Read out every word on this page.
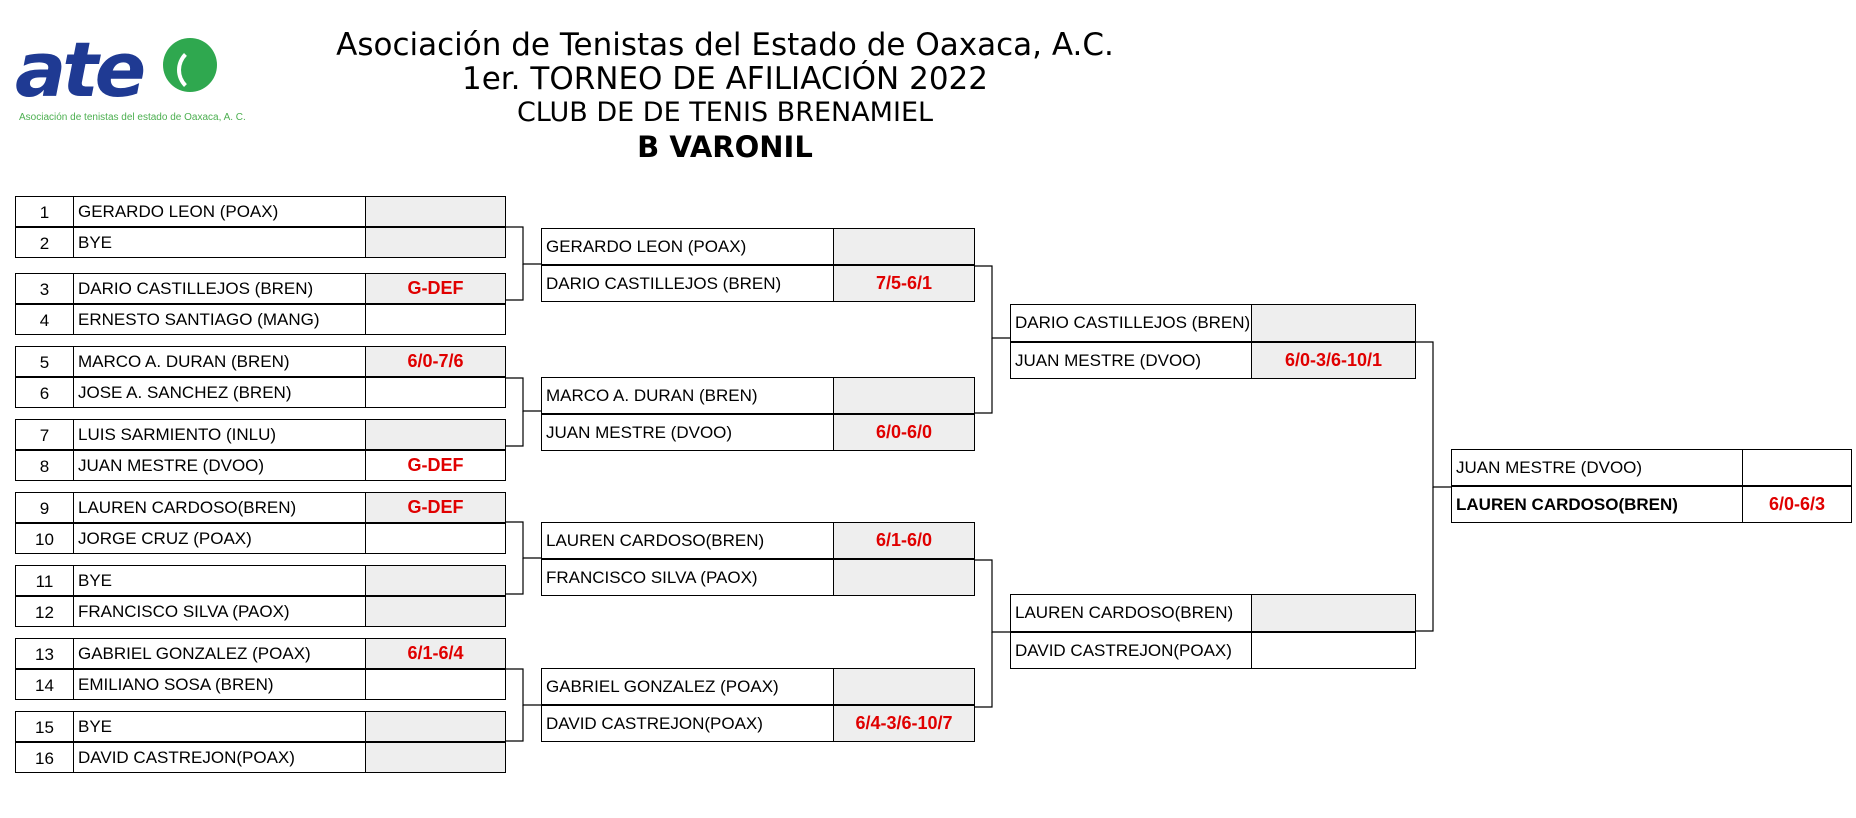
ate
Asociación de tenistas del estado de Oaxaca, A. C.
Asociación de Tenistas del Estado de Oaxaca, A.C.
1er. TORNEO DE AFILIACIÓN 2022
CLUB DE DE TENIS BRENAMIEL
B VARONIL
1	GERARDO LEON (POAX)
2	BYE
3	DARIO CASTILLEJOS (BREN)	G-DEF
4	ERNESTO SANTIAGO (MANG)
5	MARCO A. DURAN (BREN)	6/0-7/6
6	JOSE A. SANCHEZ (BREN)
7	LUIS SARMIENTO (INLU)
8	JUAN MESTRE (DVOO)	G-DEF
9	LAUREN CARDOSO(BREN)	G-DEF
10	JORGE CRUZ (POAX)
11	BYE
12	FRANCISCO SILVA (PAOX)
13	GABRIEL GONZALEZ (POAX)	6/1-6/4
14	EMILIANO SOSA (BREN)
15	BYE
16	DAVID CASTREJON(POAX)
GERARDO LEON (POAX)
DARIO CASTILLEJOS (BREN)	7/5-6/1
MARCO A. DURAN (BREN)
JUAN MESTRE (DVOO)	6/0-6/0
LAUREN CARDOSO(BREN)	6/1-6/0
FRANCISCO SILVA (PAOX)
GABRIEL GONZALEZ (POAX)
DAVID CASTREJON(POAX)	6/4-3/6-10/7
DARIO CASTILLEJOS (BREN)
JUAN MESTRE (DVOO)	6/0-3/6-10/1
LAUREN CARDOSO(BREN)
DAVID CASTREJON(POAX)
JUAN MESTRE (DVOO)
LAUREN CARDOSO(BREN)	6/0-6/3
